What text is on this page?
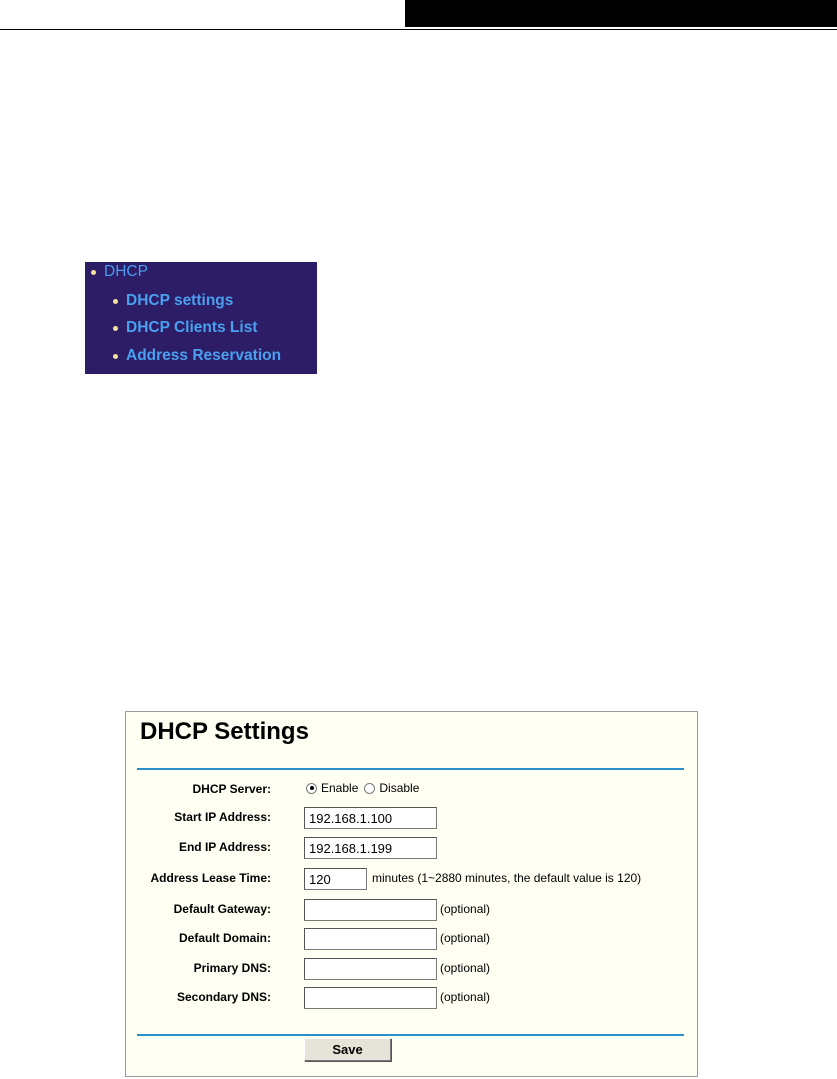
DHCP
DHCP settings
DHCP Clients List
Address Reservation
DHCP Settings
DHCP Server:	Enable Disable
Start IP Address:
192.168.1.100
End IP Address:
192.168.1.199
Address Lease Time:
120	minutes (1~2880 minutes, the default value is 120)
Default Gateway:	(optional)
Default Domain:	(optional)
Primary DNS:	(optional)
Secondary DNS:	(optional)
Save
